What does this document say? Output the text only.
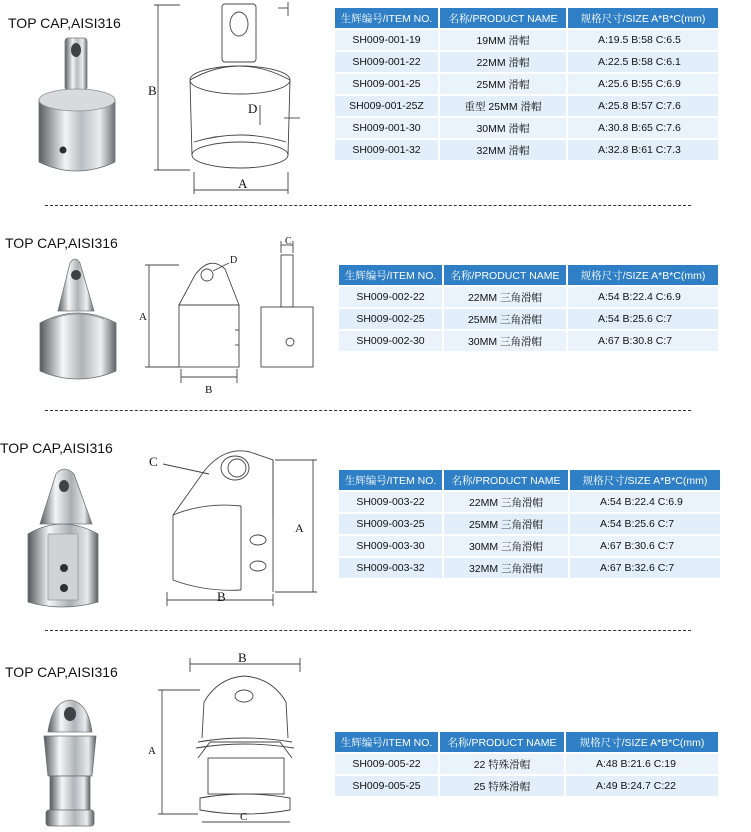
TOP CAP,AISI316
B
D
A
生辉编号/ITEM NO.	名称/PRODUCT NAME	规格尺寸/SIZE A*B*C(mm)
SH009-001-19	19MM 滑帽	A:19.5 B:58 C:6.5
SH009-001-22	22MM 滑帽	A:22.5 B:58 C:6.1
SH009-001-25	25MM 滑帽	A:25.6 B:55 C:6.9
SH009-001-25Z	重型 25MM 滑帽	A:25.8 B:57 C:7.6
SH009-001-30	30MM 滑帽	A:30.8 B:65 C:7.6
SH009-001-32	32MM 滑帽	A:32.8 B:61 C:7.3
TOP CAP,AISI316
A
B
D
C
生辉编号/ITEM NO.	名称/PRODUCT NAME	规格尺寸/SIZE A*B*C(mm)
SH009-002-22	22MM 三角滑帽	A:54 B:22.4 C:6.9
SH009-002-25	25MM 三角滑帽	A:54 B:25.6 C:7
SH009-002-30	30MM 三角滑帽	A:67 B:30.8 C:7
TOP CAP,AISI316
C
B
A
生辉编号/ITEM NO.	名称/PRODUCT NAME	规格尺寸/SIZE A*B*C(mm)
SH009-003-22	22MM 三角滑帽	A:54 B:22.4 C:6.9
SH009-003-25	25MM 三角滑帽	A:54 B:25.6 C:7
SH009-003-30	30MM 三角滑帽	A:67 B:30.6 C:7
SH009-003-32	32MM 三角滑帽	A:67 B:32.6 C:7
TOP CAP,AISI316
B
A
C
生辉编号/ITEM NO.	名称/PRODUCT NAME	规格尺寸/SIZE A*B*C(mm)
SH009-005-22	22 特殊滑帽	A:48 B:21.6 C:19
SH009-005-25	25 特殊滑帽	A:49 B:24.7 C:22
